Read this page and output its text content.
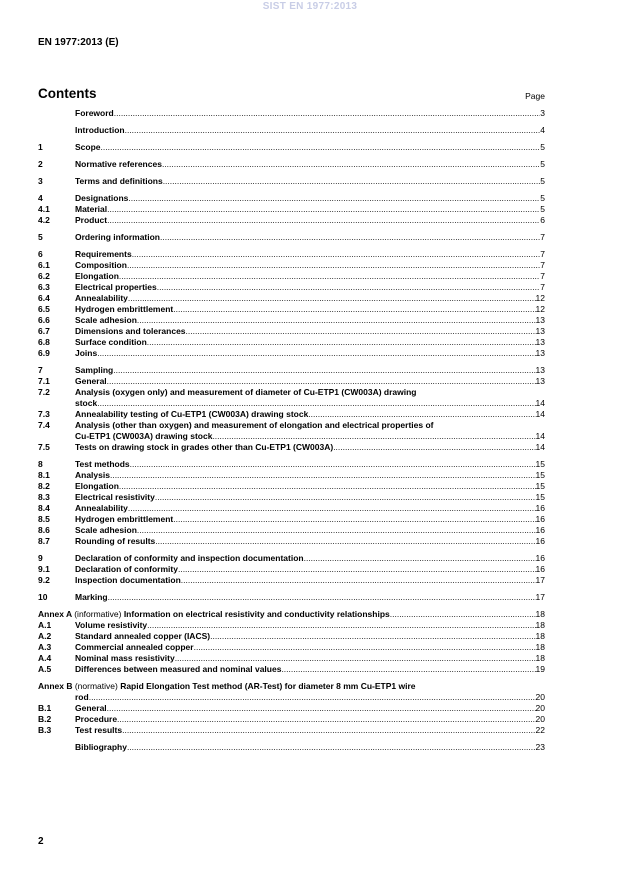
SIST EN 1977:2013
EN 1977:2013 (E)
Contents	Page
Foreword .....	3
Introduction .....	4
1	Scope .....	5
2	Normative references .....	5
3	Terms and definitions .....	5
4	Designations .....	5
4.1	Material .....	5
4.2	Product .....	6
5	Ordering information .....	7
6	Requirements .....	7
6.1	Composition .....	7
6.2	Elongation .....	7
6.3	Electrical properties .....	7
6.4	Annealability .....	12
6.5	Hydrogen embrittlement .....	12
6.6	Scale adhesion .....	13
6.7	Dimensions and tolerances .....	13
6.8	Surface condition .....	13
6.9	Joins .....	13
7	Sampling .....	13
7.1	General .....	13
7.2	Analysis (oxygen only) and measurement of diameter of Cu-ETP1 (CW003A) drawing
stock .....	14
7.3	Annealability testing of Cu-ETP1 (CW003A) drawing stock .....	14
7.4	Analysis (other than oxygen) and measurement of elongation and electrical properties of
Cu-ETP1 (CW003A) drawing stock .....	14
7.5	Tests on drawing stock in grades other than Cu-ETP1 (CW003A) .....	14
8	Test methods .....	15
8.1	Analysis .....	15
8.2	Elongation .....	15
8.3	Electrical resistivity .....	15
8.4	Annealability .....	16
8.5	Hydrogen embrittlement .....	16
8.6	Scale adhesion .....	16
8.7	Rounding of results .....	16
9	Declaration of conformity and inspection documentation .....	16
9.1	Declaration of conformity .....	16
9.2	Inspection documentation .....	17
10	Marking .....	17
Annex A (informative) Information on electrical resistivity and conductivity relationships .....	18
A.1	Volume resistivity .....	18
A.2	Standard annealed copper (IACS) .....	18
A.3	Commercial annealed copper .....	18
A.4	Nominal mass resistivity .....	18
A.5	Differences between measured and nominal values .....	19
Annex B (normative) Rapid Elongation Test method (AR-Test) for diameter 8 mm Cu-ETP1 wire
rod .....	20
B.1	General .....	20
B.2	Procedure .....	20
B.3	Test results .....	22
Bibliography .....	23
2
